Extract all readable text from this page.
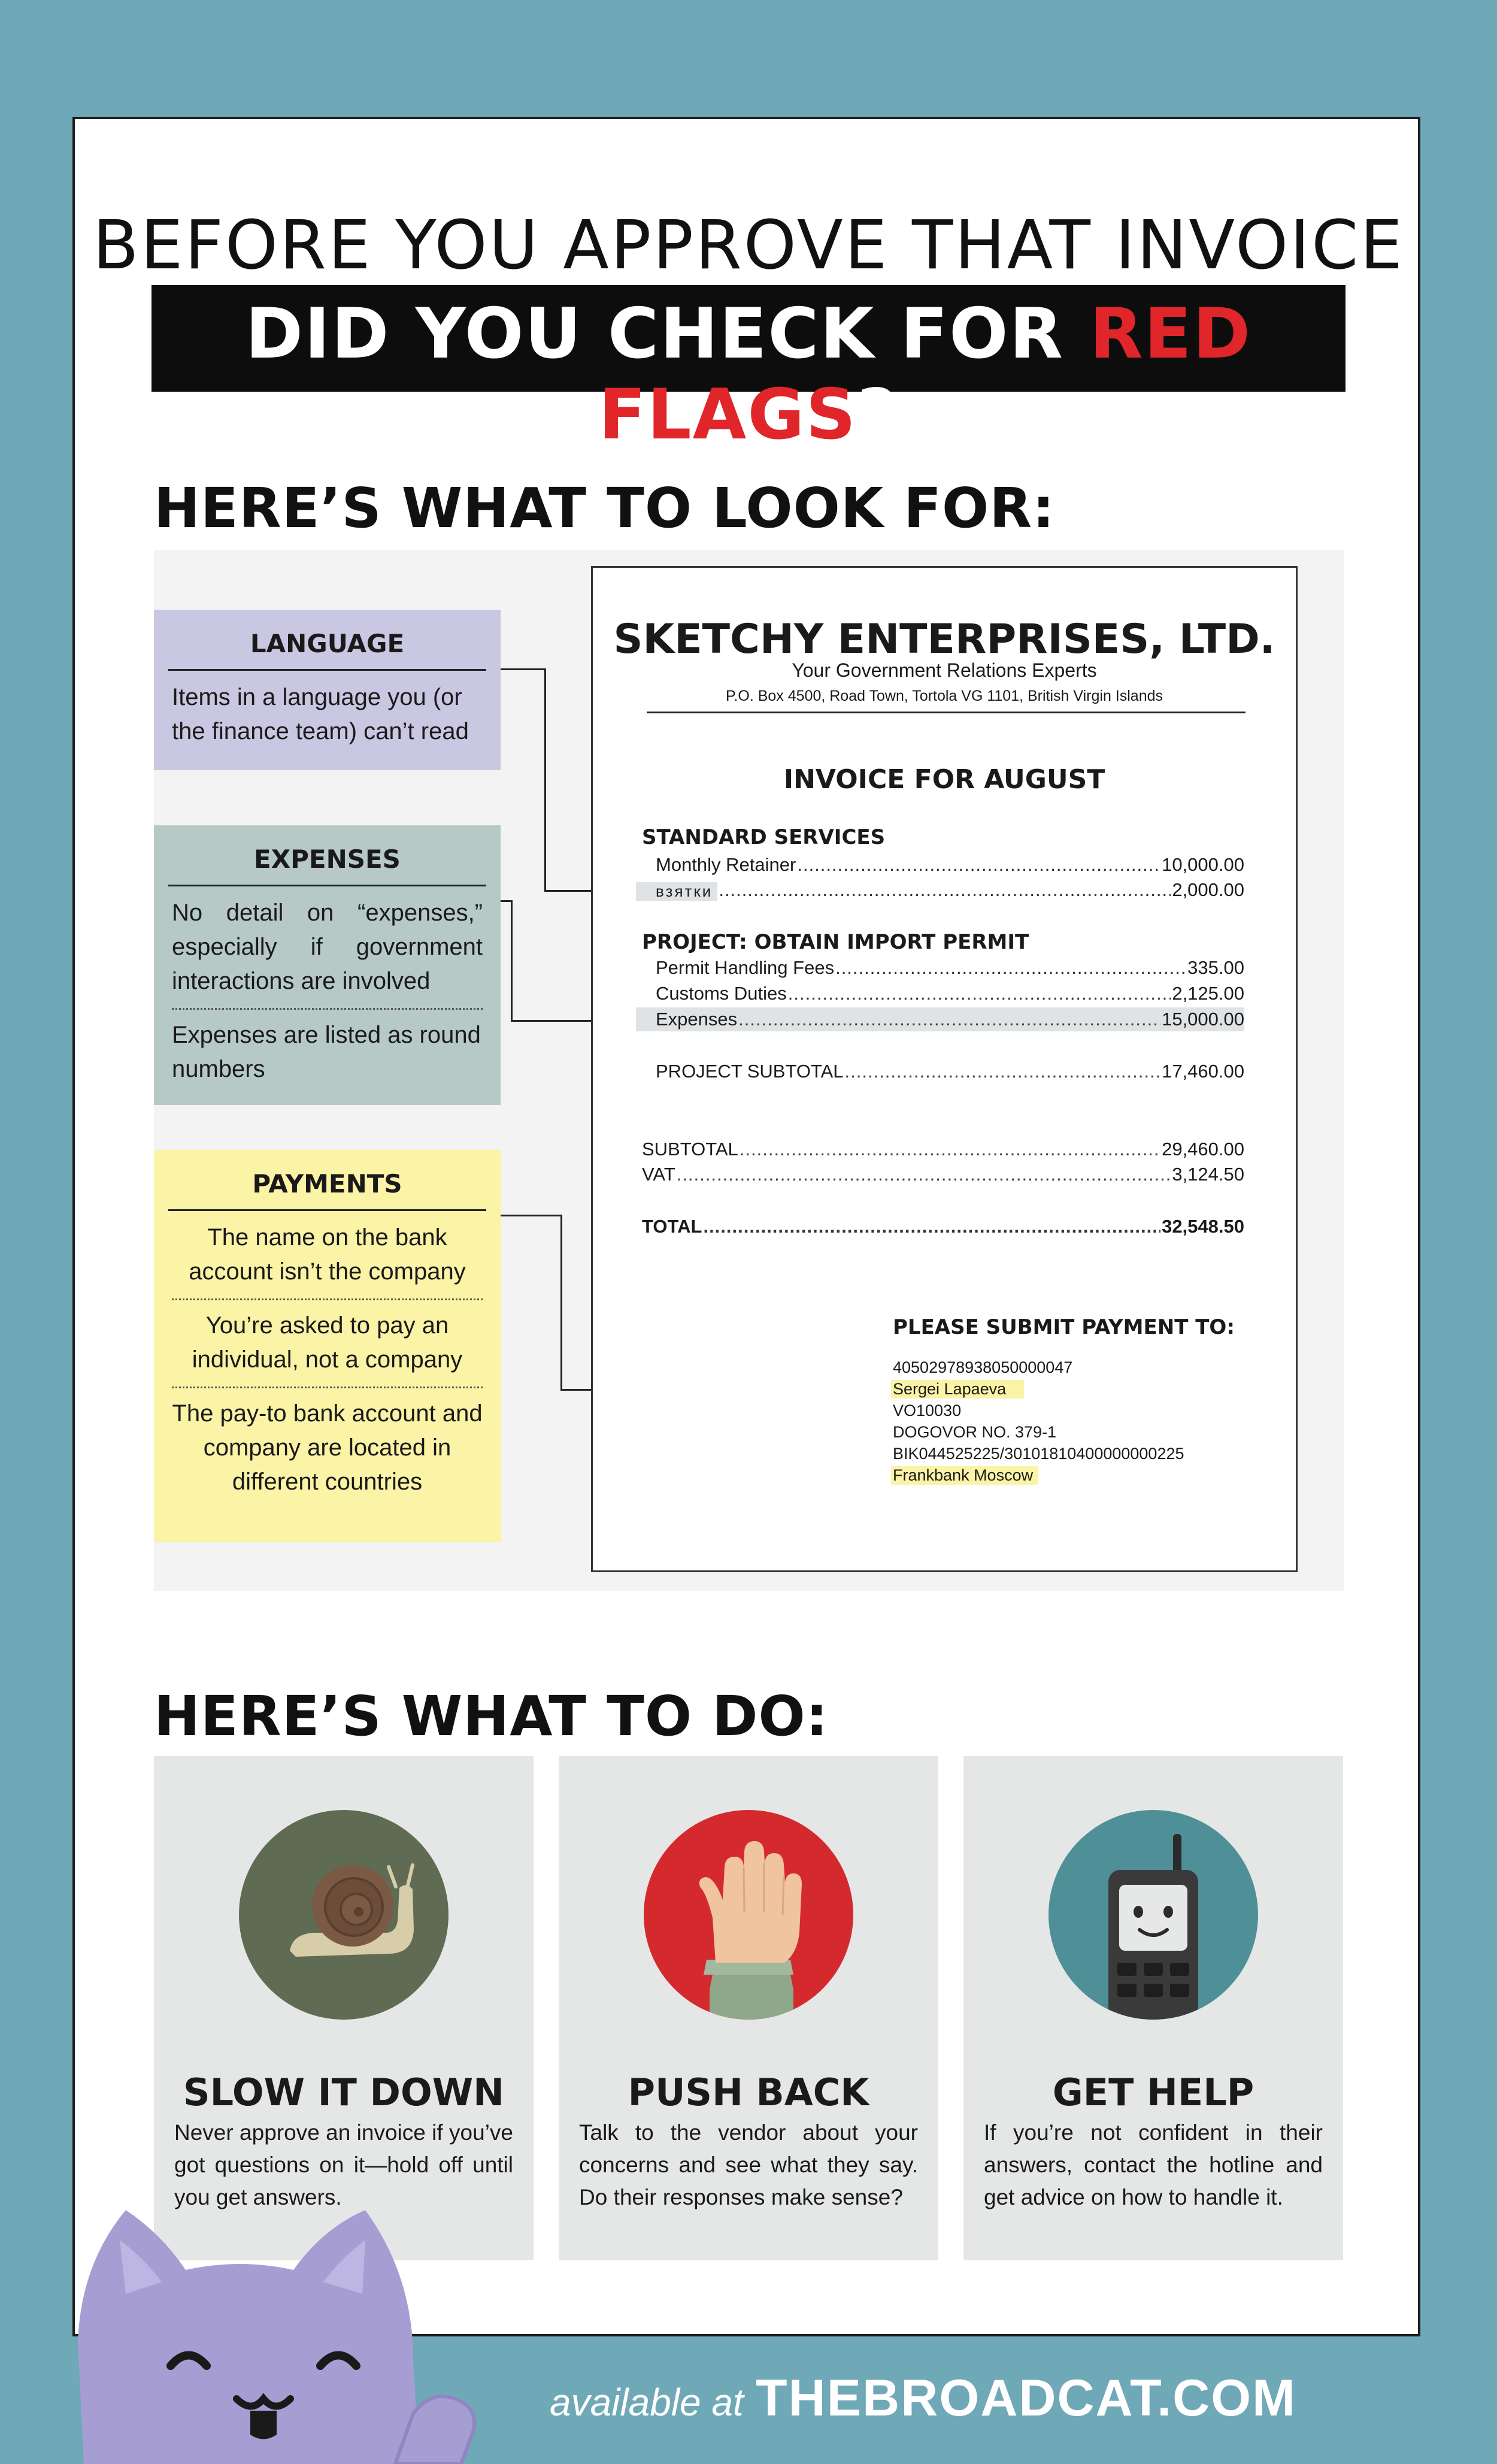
BEFORE YOU APPROVE THAT INVOICE
DID YOU CHECK FOR RED FLAGS?
HERE’S WHAT TO LOOK FOR:
LANGUAGE
Items in a language you (or the finance team) can’t read
EXPENSES
No detail on “expenses,” especially if government interactions are involved
Expenses are listed as round numbers
PAYMENTS
The name on the bank account isn’t the company
You’re asked to pay an individual, not a company
The pay-to bank account and company are located in different countries
SKETCHY ENTERPRISES, LTD.
Your Government Relations Experts
P.O. Box 4500, Road Town, Tortola VG 1101, British Virgin Islands
INVOICE FOR AUGUST
STANDARD SERVICES
Monthly Retainer .....	10,000.00
взятки .....	2,000.00
PROJECT: OBTAIN IMPORT PERMIT
Permit Handling Fees .....	335.00
Customs Duties .....	2,125.00
Expenses .....	15,000.00
PROJECT SUBTOTAL .....	17,460.00
SUBTOTAL .....	29,460.00
VAT .....	3,124.50
TOTAL .....	32,548.50
PLEASE SUBMIT PAYMENT TO:
40502978938050000047
Sergei Lapaeva
VO10030
DOGOVOR NO. 379-1
BIK044525225/30101810400000000225
Frankbank Moscow
HERE’S WHAT TO DO:
SLOW IT DOWN
Never approve an invoice if you’ve got questions on it—hold off until you get answers.
PUSH BACK
Talk to the vendor about your concerns and see what they say. Do their responses make sense?
GET HELP
If you’re not confident in their answers, contact the hotline and get advice on how to handle it.
available at THEBROADCAT.COM
